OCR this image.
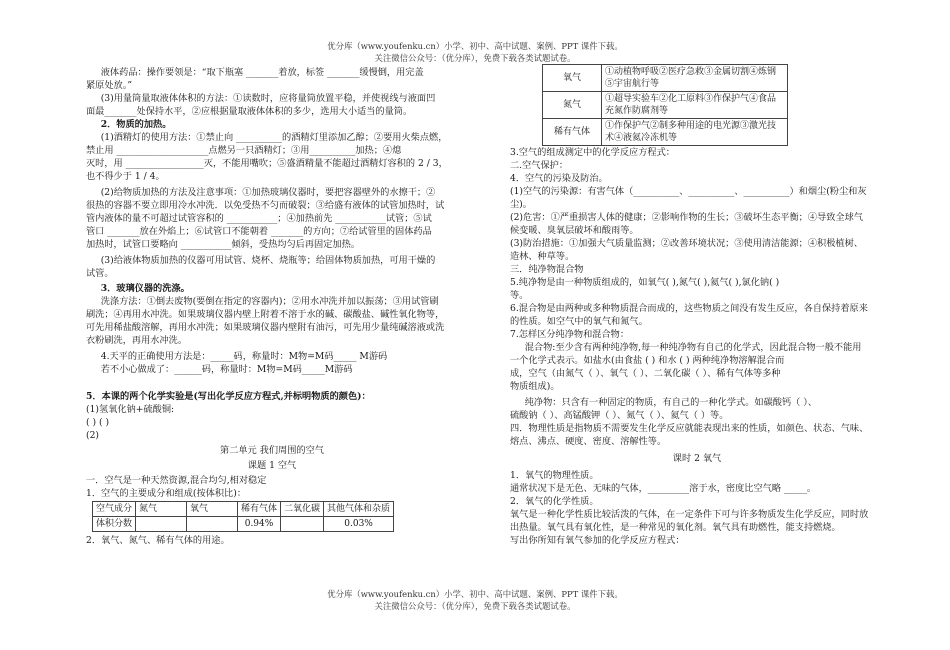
优分库（www.youfenku.cn）小学、初中、高中试题、案例、PPT 课件下载。
关注微信公众号：（优分库），免费下载各类试题试卷。

液体药品：操作要领是：“取下瓶塞 _______着放，标签 _______缓慢倒，用完盖

紧原处放。”

(3)用量筒量取液体体积的方法：①读数时，应将量筒放置平稳，并使视线与液面凹

面最_______处保持水平，②应根据量取液体体积的多少，选用大小适当的量筒。

2．物质的加热。

(1)酒精灯的使用方法：①禁止向 __________的酒精灯里添加乙醇；②要用火柴点燃，

禁止用 ____________________点燃另一只酒精灯；③用__________加热；④熄

灭时，用 _________________灭，不能用嘴吹；⑤盛酒精量不能超过酒精灯容积的 2 / 3，

也不得少于 1 / 4。

(2)给物质加热的方法及注意事项：①加热玻璃仪器时，要把容器壁外的水擦干；②

很热的容器不要立即用冷水冲洗．以免受热不匀而破裂；③给盛有液体的试管加热时，试

管内液体的量不可超过试管容积的 ___________；④加热前先 ___________试管；⑤试

管口 _______放在外焰上；⑥试管口不能朝着 _______的方向；⑦给试管里的固体药品

加热时，试管口要略向 ___________倾斜，受热均匀后再固定加热。

(3)给液体物质加热的仪器可用试管、烧杯、烧瓶等；给固体物质加热，可用干燥的

试管。

3．玻璃仪器的洗涤。

洗涤方法：①倒去废物(要倒在指定的容器内)；②用水冲洗并加以振荡；③用试管刷

刷洗；④再用水冲洗。如果玻璃仪器内壁上附着不溶于水的碱、碳酸盐、碱性氧化物等，

可先用稀盐酸溶解，再用水冲洗；如果玻璃仪器内壁附有油污，可先用少量纯碱溶液或洗

衣粉刷洗，再用水冲洗。

4.天平的正确使用方法是：_____码，称量时：M物=M码_____ M游码

若不小心做成了：______码，称量时：M物=M码_____M游码

5．本课的两个化学实验是(写出化学反应方程式,并标明物质的颜色)：

(1)氢氧化钠+硫酸铜:

( ) ( )

(2)

第二单元 我们周围的空气

课题 1 空气

一．空气是一种天然资源,混合均匀,相对稳定

1．空气的主要成分和组成(按体积比)：

空气成分	氮气	氧气	稀有气体	二氧化碳	其他气体和杂质
体积分数			0.94%		0.03%

2．氧气、氮气、稀有气体的用途。

氧气	①动植物呼吸②医疗急救③金属切割④炼钢⑤宇宙航行等
氮气	①超导实验车②化工原料③作保护气④食品充氮作防腐剂等
稀有气体	①作保护气②制多种用途的电光源③激光技术④液氦冷冻机等

3.空气的组成测定中的化学反应方程式：

二.空气保护：

4．空气的污染及防治。

(1)空气的污染源：有害气体（__________、__________、__________）和烟尘(粉尘和灰尘)。

(2)危害：①严重损害人体的健康；②影响作物的生长；③破坏生态平衡；④导致全球气

候变暖、臭氧层破坏和酸雨等。

(3)防治措施：①加强大气质量监测；②改善环境状况；③使用清洁能源；④积极植树、

造林、种草等。

三．纯净物混合物

5.纯净物是由一种物质组成的，如氧气( ),氮气( ),氦气( ),氯化钠( )

等。

6.混合物是由两种或多种物质混合而成的，这些物质之间没有发生反应，各自保持着原来

的性质。如空气中的氧气和氮气。

7.怎样区分纯净物和混合物：

混合物:至少含有两种纯净物,每一种纯净物有自己的化学式，因此混合物一般不能用

一个化学式表示。如盐水(由食盐 ( ) 和水 ( ) 两种纯净物溶解混合而

成，空气（由氮气（ ）、氧气（ ）、二氧化碳（ ）、稀有气体等多种

物质组成)。

纯净物：只含有一种固定的物质，有自己的一种化学式。如碳酸钙（ ）、

硫酸钠（ ）、高锰酸钾（ ）、氮气（ ）、氦气（ ）等。

四．物理性质是指物质不需要发生化学反应就能表现出来的性质，如颜色、状态、气味、

熔点、沸点、硬度、密度、溶解性等。

课时 2 氧气

1．氧气的物理性质。

通常状况下是无色、无味的气体，_________溶于水，密度比空气略 _____。

2．氧气的化学性质。

氧气是一种化学性质比较活泼的气体，在一定条件下可与许多物质发生化学反应，同时放

出热量。氧气具有氧化性，是一种常见的氧化剂。氧气具有助燃性，能支持燃烧。

写出你所知有氧气参加的化学反应方程式：

优分库（www.youfenku.cn）小学、初中、高中试题、案例、PPT 课件下载。
关注微信公众号：（优分库），免费下载各类试题试卷。
